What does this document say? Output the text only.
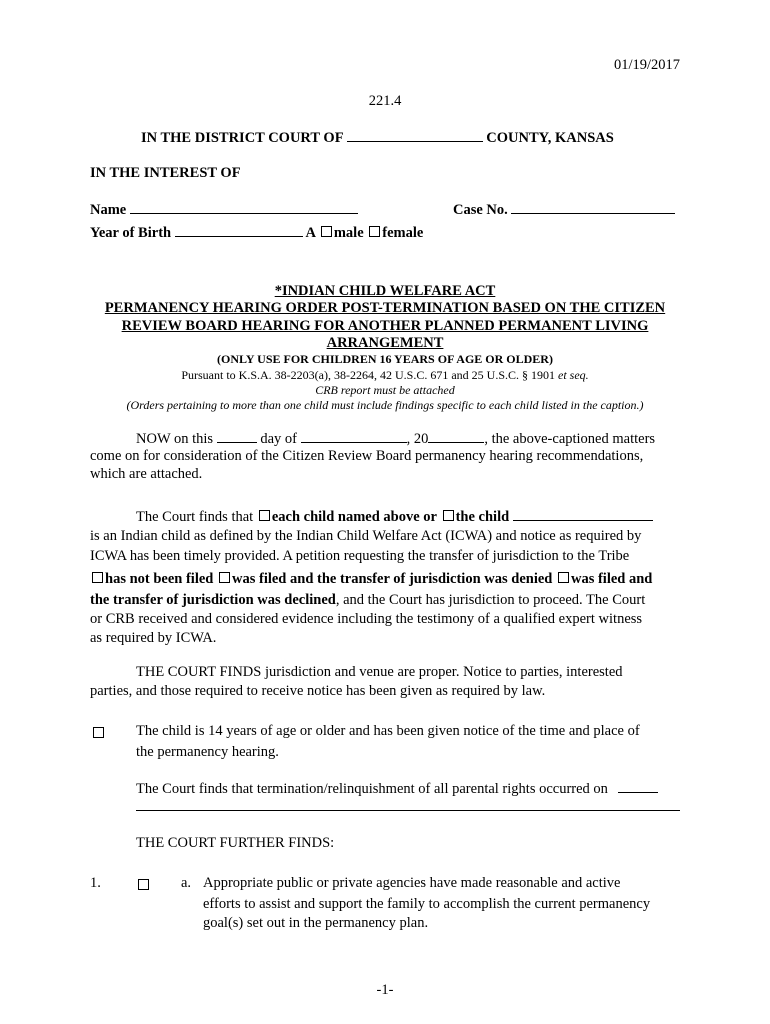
01/19/2017
221.4
IN THE DISTRICT COURT OF	COUNTY, KANSAS
IN THE INTEREST OF
Name	Case No.
Year of Birth	A male female
*INDIAN CHILD WELFARE ACT
PERMANENCY HEARING ORDER POST-TERMINATION BASED ON THE CITIZEN
REVIEW BOARD HEARING FOR ANOTHER PLANNED PERMANENT LIVING
ARRANGEMENT
(ONLY USE FOR CHILDREN 16 YEARS OF AGE OR OLDER)
Pursuant to K.S.A. 38-2203(a), 38-2264, 42 U.S.C. 671 and 25 U.S.C. § 1901 et seq.
CRB report must be attached
(Orders pertaining to more than one child must include findings specific to each child listed in the caption.)
NOW on this	day of	, 20	, the above-captioned matters
come on for consideration of the Citizen Review Board permanency hearing recommendations,
which are attached.
The Court finds that each child named above or the child
is an Indian child as defined by the Indian Child Welfare Act (ICWA) and notice as required by
ICWA has been timely provided. A petition requesting the transfer of jurisdiction to the Tribe
has not been filed was filed and the transfer of jurisdiction was denied was filed and
the transfer of jurisdiction was declined, and the Court has jurisdiction to proceed. The Court
or CRB received and considered evidence including the testimony of a qualified expert witness
as required by ICWA.
THE COURT FINDS jurisdiction and venue are proper. Notice to parties, interested
parties, and those required to receive notice has been given as required by law.
The child is 14 years of age or older and has been given notice of the time and place of
the permanency hearing.
The Court finds that termination/relinquishment of all parental rights occurred on
THE COURT FURTHER FINDS:
1.	a. Appropriate public or private agencies have made reasonable and active
efforts to assist and support the family to accomplish the current permanency
goal(s) set out in the permanency plan.
-1-
